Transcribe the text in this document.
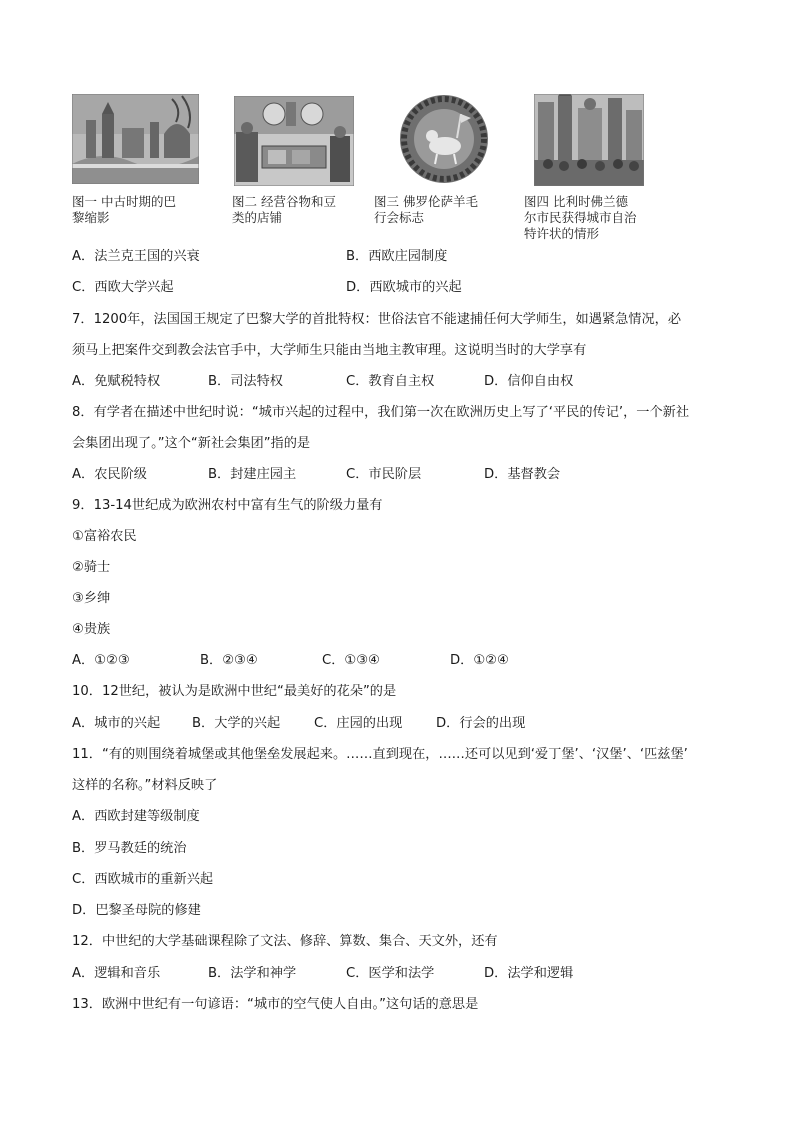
图一 中古时期的巴
黎缩影
图二 经营谷物和豆
类的店铺
图三 佛罗伦萨羊毛
行会标志
图四 比利时佛兰德
尔市民获得城市自治
特许状的情形
A．法兰克王国的兴衰	B．西欧庄园制度
C．西欧大学兴起	D．西欧城市的兴起
7．1200年，法国国王规定了巴黎大学的首批特权：世俗法官不能逮捕任何大学师生，如遇紧急情况，必
须马上把案件交到教会法官手中，大学师生只能由当地主教审理。这说明当时的大学享有
A．免赋税特权	B．司法特权	C．教育自主权	D．信仰自由权
8．有学者在描述中世纪时说：“城市兴起的过程中，我们第一次在欧洲历史上写了‘平民的传记’，一个新社
会集团出现了。”这个“新社会集团”指的是
A．农民阶级	B．封建庄园主	C．市民阶层	D．基督教会
9．13-14世纪成为欧洲农村中富有生气的阶级力量有
①富裕农民
②骑士
③乡绅
④贵族
A．①②③	B．②③④	C．①③④	D．①②④
10．12世纪，被认为是欧洲中世纪“最美好的花朵”的是
A．城市的兴起 B．大学的兴起	C．庄园的出现	D．行会的出现
11．“有的则围绕着城堡或其他堡垒发展起来。……直到现在，……还可以见到‘爱丁堡’、‘汉堡’、‘匹兹堡’
这样的名称。”材料反映了
A．西欧封建等级制度
B．罗马教廷的统治
C．西欧城市的重新兴起
D．巴黎圣母院的修建
12．中世纪的大学基础课程除了文法、修辞、算数、集合、天文外，还有
A．逻辑和音乐	B．法学和神学	C．医学和法学	D．法学和逻辑
13．欧洲中世纪有一句谚语：“城市的空气使人自由。”这句话的意思是
